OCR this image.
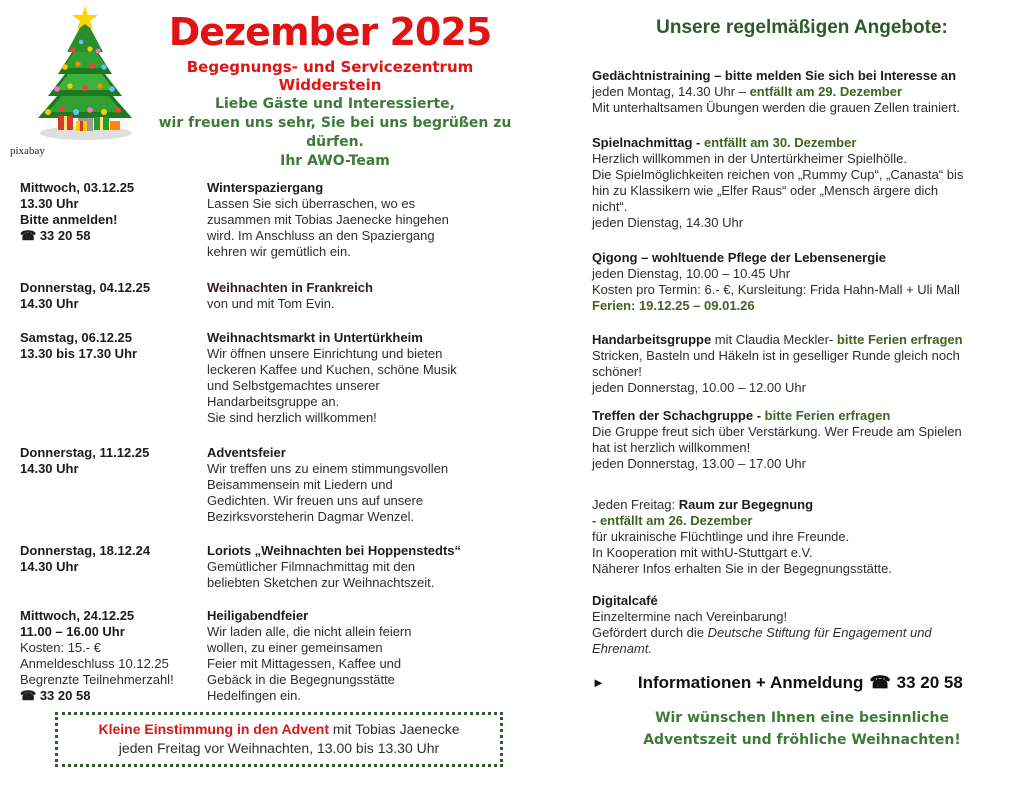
pixabay
Dezember 2025
Begegnungs- und Servicezentrum Widderstein
Liebe Gäste und Interessierte,
wir freuen uns sehr, Sie bei uns begrüßen zu dürfen.
Ihr AWO-Team
Mittwoch, 03.12.25
13.30 Uhr
Bitte anmelden!
☎ 33 20 58
Winterspaziergang
Lassen Sie sich überraschen, wo es
zusammen mit Tobias Jaenecke hingehen
wird. Im Anschluss an den Spaziergang
kehren wir gemütlich ein.
Donnerstag, 04.12.25
14.30 Uhr
Weihnachten in Frankreich
von und mit Tom Evin.
Samstag, 06.12.25
13.30 bis 17.30 Uhr
Weihnachtsmarkt in Untertürkheim
Wir öffnen unsere Einrichtung und bieten
leckeren Kaffee und Kuchen, schöne Musik
und Selbstgemachtes unserer
Handarbeitsgruppe an.
Sie sind herzlich willkommen!
Donnerstag, 11.12.25
14.30 Uhr
Adventsfeier
Wir treffen uns zu einem stimmungsvollen
Beisammensein mit Liedern und
Gedichten. Wir freuen uns auf unsere
Bezirksvorsteherin Dagmar Wenzel.
Donnerstag, 18.12.24
14.30 Uhr
Loriots „Weihnachten bei Hoppenstedts“
Gemütlicher Filmnachmittag mit den
beliebten Sketchen zur Weihnachtszeit.
Mittwoch, 24.12.25
11.00 – 16.00 Uhr
Kosten: 15.- €
Anmeldeschluss 10.12.25
Begrenzte Teilnehmerzahl!
☎ 33 20 58
Heiligabendfeier
Wir laden alle, die nicht allein feiern
wollen, zu einer gemeinsamen
Feier mit Mittagessen, Kaffee und
Gebäck in die Begegnungsstätte
Hedelfingen ein.
Kleine Einstimmung in den Advent mit Tobias Jaenecke
jeden Freitag vor Weihnachten, 13.00 bis 13.30 Uhr
Unsere regelmäßigen Angebote:
Gedächtnistraining – bitte melden Sie sich bei Interesse an
jeden Montag, 14.30 Uhr – entfällt am 29. Dezember
Mit unterhaltsamen Übungen werden die grauen Zellen trainiert.
Spielnachmittag - entfällt am 30. Dezember
Herzlich willkommen in der Untertürkheimer Spielhölle.
Die Spielmöglichkeiten reichen von „Rummy Cup“, „Canasta“ bis
hin zu Klassikern wie „Elfer Raus“ oder „Mensch ärgere dich
nicht“.
jeden Dienstag, 14.30 Uhr
Qigong – wohltuende Pflege der Lebensenergie
jeden Dienstag, 10.00 – 10.45 Uhr
Kosten pro Termin: 6.- €, Kursleitung: Frida Hahn-Mall + Uli Mall
Ferien: 19.12.25 – 09.01.26
Handarbeitsgruppe mit Claudia Meckler- bitte Ferien erfragen
Stricken, Basteln und Häkeln ist in geselliger Runde gleich noch
schöner!
jeden Donnerstag, 10.00 – 12.00 Uhr
Treffen der Schachgruppe - bitte Ferien erfragen
Die Gruppe freut sich über Verstärkung. Wer Freude am Spielen
hat ist herzlich willkommen!
jeden Donnerstag, 13.00 – 17.00 Uhr
Jeden Freitag: Raum zur Begegnung
- entfällt am 26. Dezember
für ukrainische Flüchtlinge und ihre Freunde.
In Kooperation mit withU-Stuttgart e.V.
Näherer Infos erhalten Sie in der Begegnungsstätte.
Digitalcafé
Einzeltermine nach Vereinbarung!
Gefördert durch die Deutsche Stiftung für Engagement und
Ehrenamt.
► Informationen + Anmeldung ☎ 33 20 58
Wir wünschen Ihnen eine besinnliche
Adventszeit und fröhliche Weihnachten!
